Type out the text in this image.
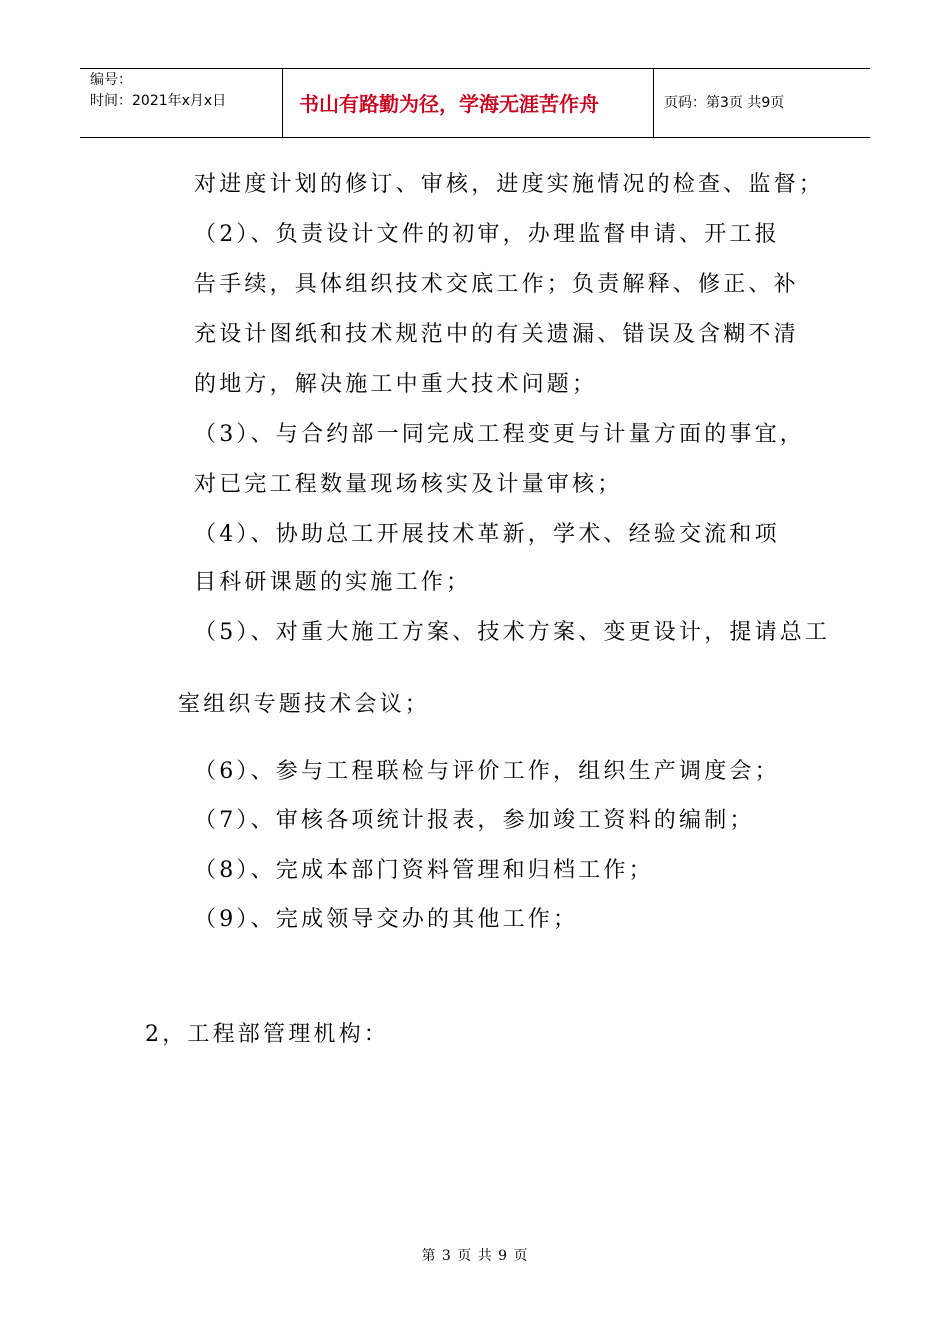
编号：
时间：2021年x月x日	书山有路勤为径，学海无涯苦作舟	页码：第3页 共9页
对进度计划的修订、审核，进度实施情况的检查、监督；
（2）、负责设计文件的初审，办理监督申请、开工报
告手续，具体组织技术交底工作；负责解释、修正、补
充设计图纸和技术规范中的有关遗漏、错误及含糊不清
的地方，解决施工中重大技术问题；
（3）、与合约部一同完成工程变更与计量方面的事宜，
对已完工程数量现场核实及计量审核；
（4）、协助总工开展技术革新，学术、经验交流和项
目科研课题的实施工作；
（5）、对重大施工方案、技术方案、变更设计，提请总工
室组织专题技术会议；
（6）、参与工程联检与评价工作，组织生产调度会；
（7）、审核各项统计报表，参加竣工资料的编制；
（8）、完成本部门资料管理和归档工作；
（9）、完成领导交办的其他工作；
2，工程部管理机构：
第 3 页 共 9 页
